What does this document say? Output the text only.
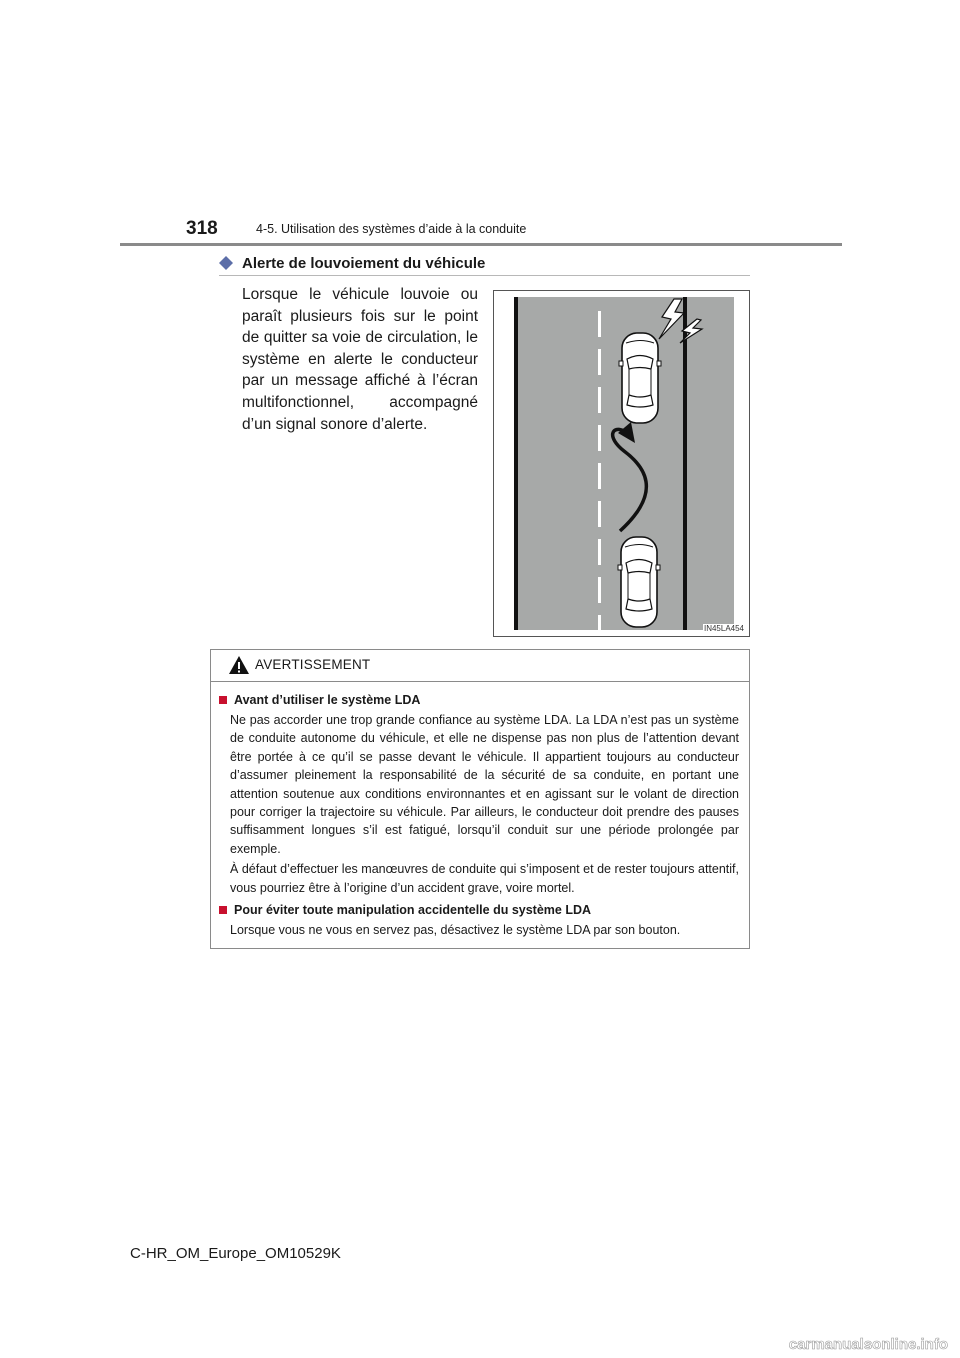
318	4-5. Utilisation des systèmes d’aide à la conduite
Alerte de louvoiement du véhicule
Lorsque le véhicule louvoie ou paraît plusieurs fois sur le point de quitter sa voie de circulation, le système en alerte le conducteur par un message affiché à l’écran multifonctionnel, accompagné d’un signal sonore d’alerte.
IN45LA454
AVERTISSEMENT
Avant d’utiliser le système LDA

Ne pas accorder une trop grande confiance au système LDA. La LDA n’est pas un système de conduite autonome du véhicule, et elle ne dispense pas non plus de l’attention devant être portée à ce qu’il se passe devant le véhicule. Il appartient toujours au conducteur d’assumer pleinement la responsabilité de la sécurité de sa conduite, en portant une attention soutenue aux conditions environnantes et en agissant sur le volant de direction pour corriger la trajectoire su véhicule. Par ailleurs, le conducteur doit prendre des pauses suffisamment longues s’il est fatigué, lorsqu’il conduit sur une période prolongée par exemple.

À défaut d’effectuer les manœuvres de conduite qui s’imposent et de rester toujours attentif, vous pourriez être à l’origine d’un accident grave, voire mortel.

Pour éviter toute manipulation accidentelle du système LDA

Lorsque vous ne vous en servez pas, désactivez le système LDA par son bouton.

C-HR_OM_Europe_OM10529K
carmanualsonline.info
